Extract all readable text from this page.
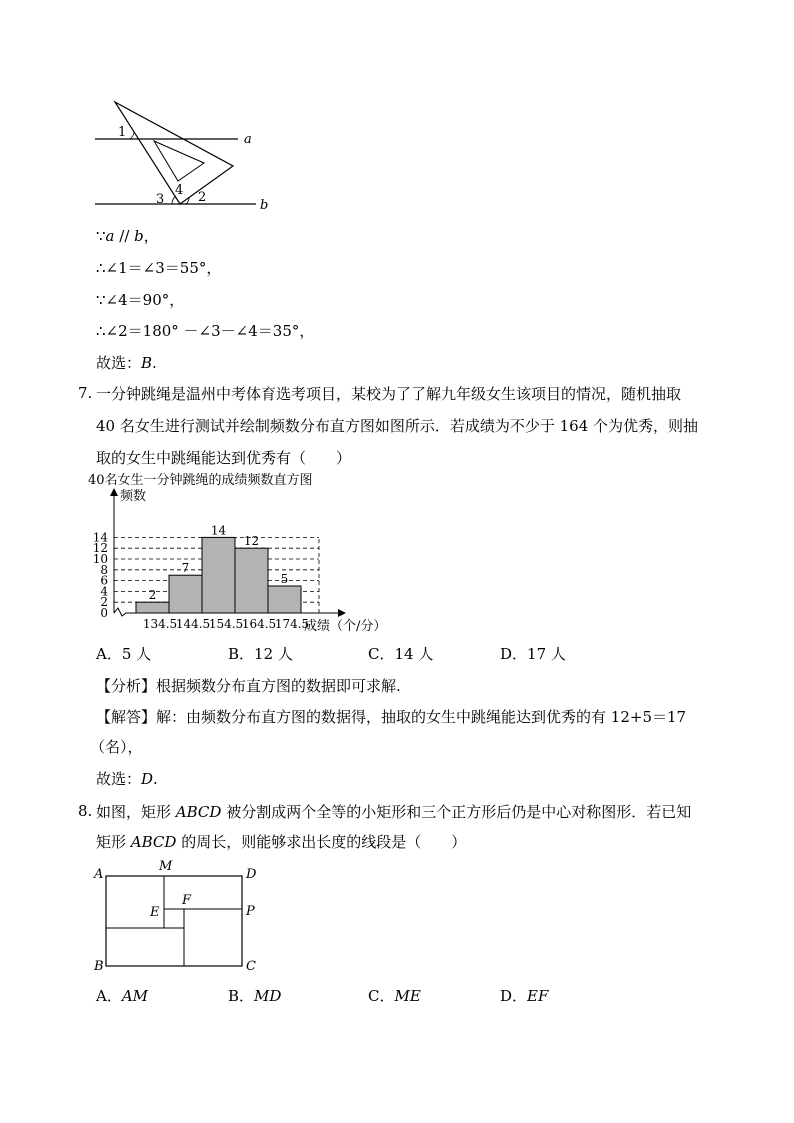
1
2
3
4
a
b
∵a // b，
∴∠1＝∠3＝55°，
∵∠4＝90°，
∴∠2＝180° －∠3－∠4＝35°，
故选：B.
7. 一分钟跳绳是温州中考体育选考项目，某校为了了解九年级女生该项目的情况，随机抽取
40 名女生进行测试并绘制频数分布直方图如图所示．若成绩为不少于 164 个为优秀，则抽
取的女生中跳绳能达到优秀有（　　）
40名女生一分钟跳绳的成绩频数直方图
频数
0
2
4
6
8
10
12
14
2
7
14
12
5
134.5
144.5
154.5
164.5
174.5
成绩（个/分）
A．5 人	B．12 人	C．14 人	D．17 人
【分析】根据频数分布直方图的数据即可求解.
【解答】解：由频数分布直方图的数据得，抽取的女生中跳绳能达到优秀的有 12+5＝17
（名），
故选：D.
8. 如图，矩形 ABCD 被分割成两个全等的小矩形和三个正方形后仍是中心对称图形．若已知
矩形 ABCD 的周长，则能够求出长度的线段是（　　）
A
B	C
D
M
E
F
P
A．AM	B．MD	C．ME	D．EF
